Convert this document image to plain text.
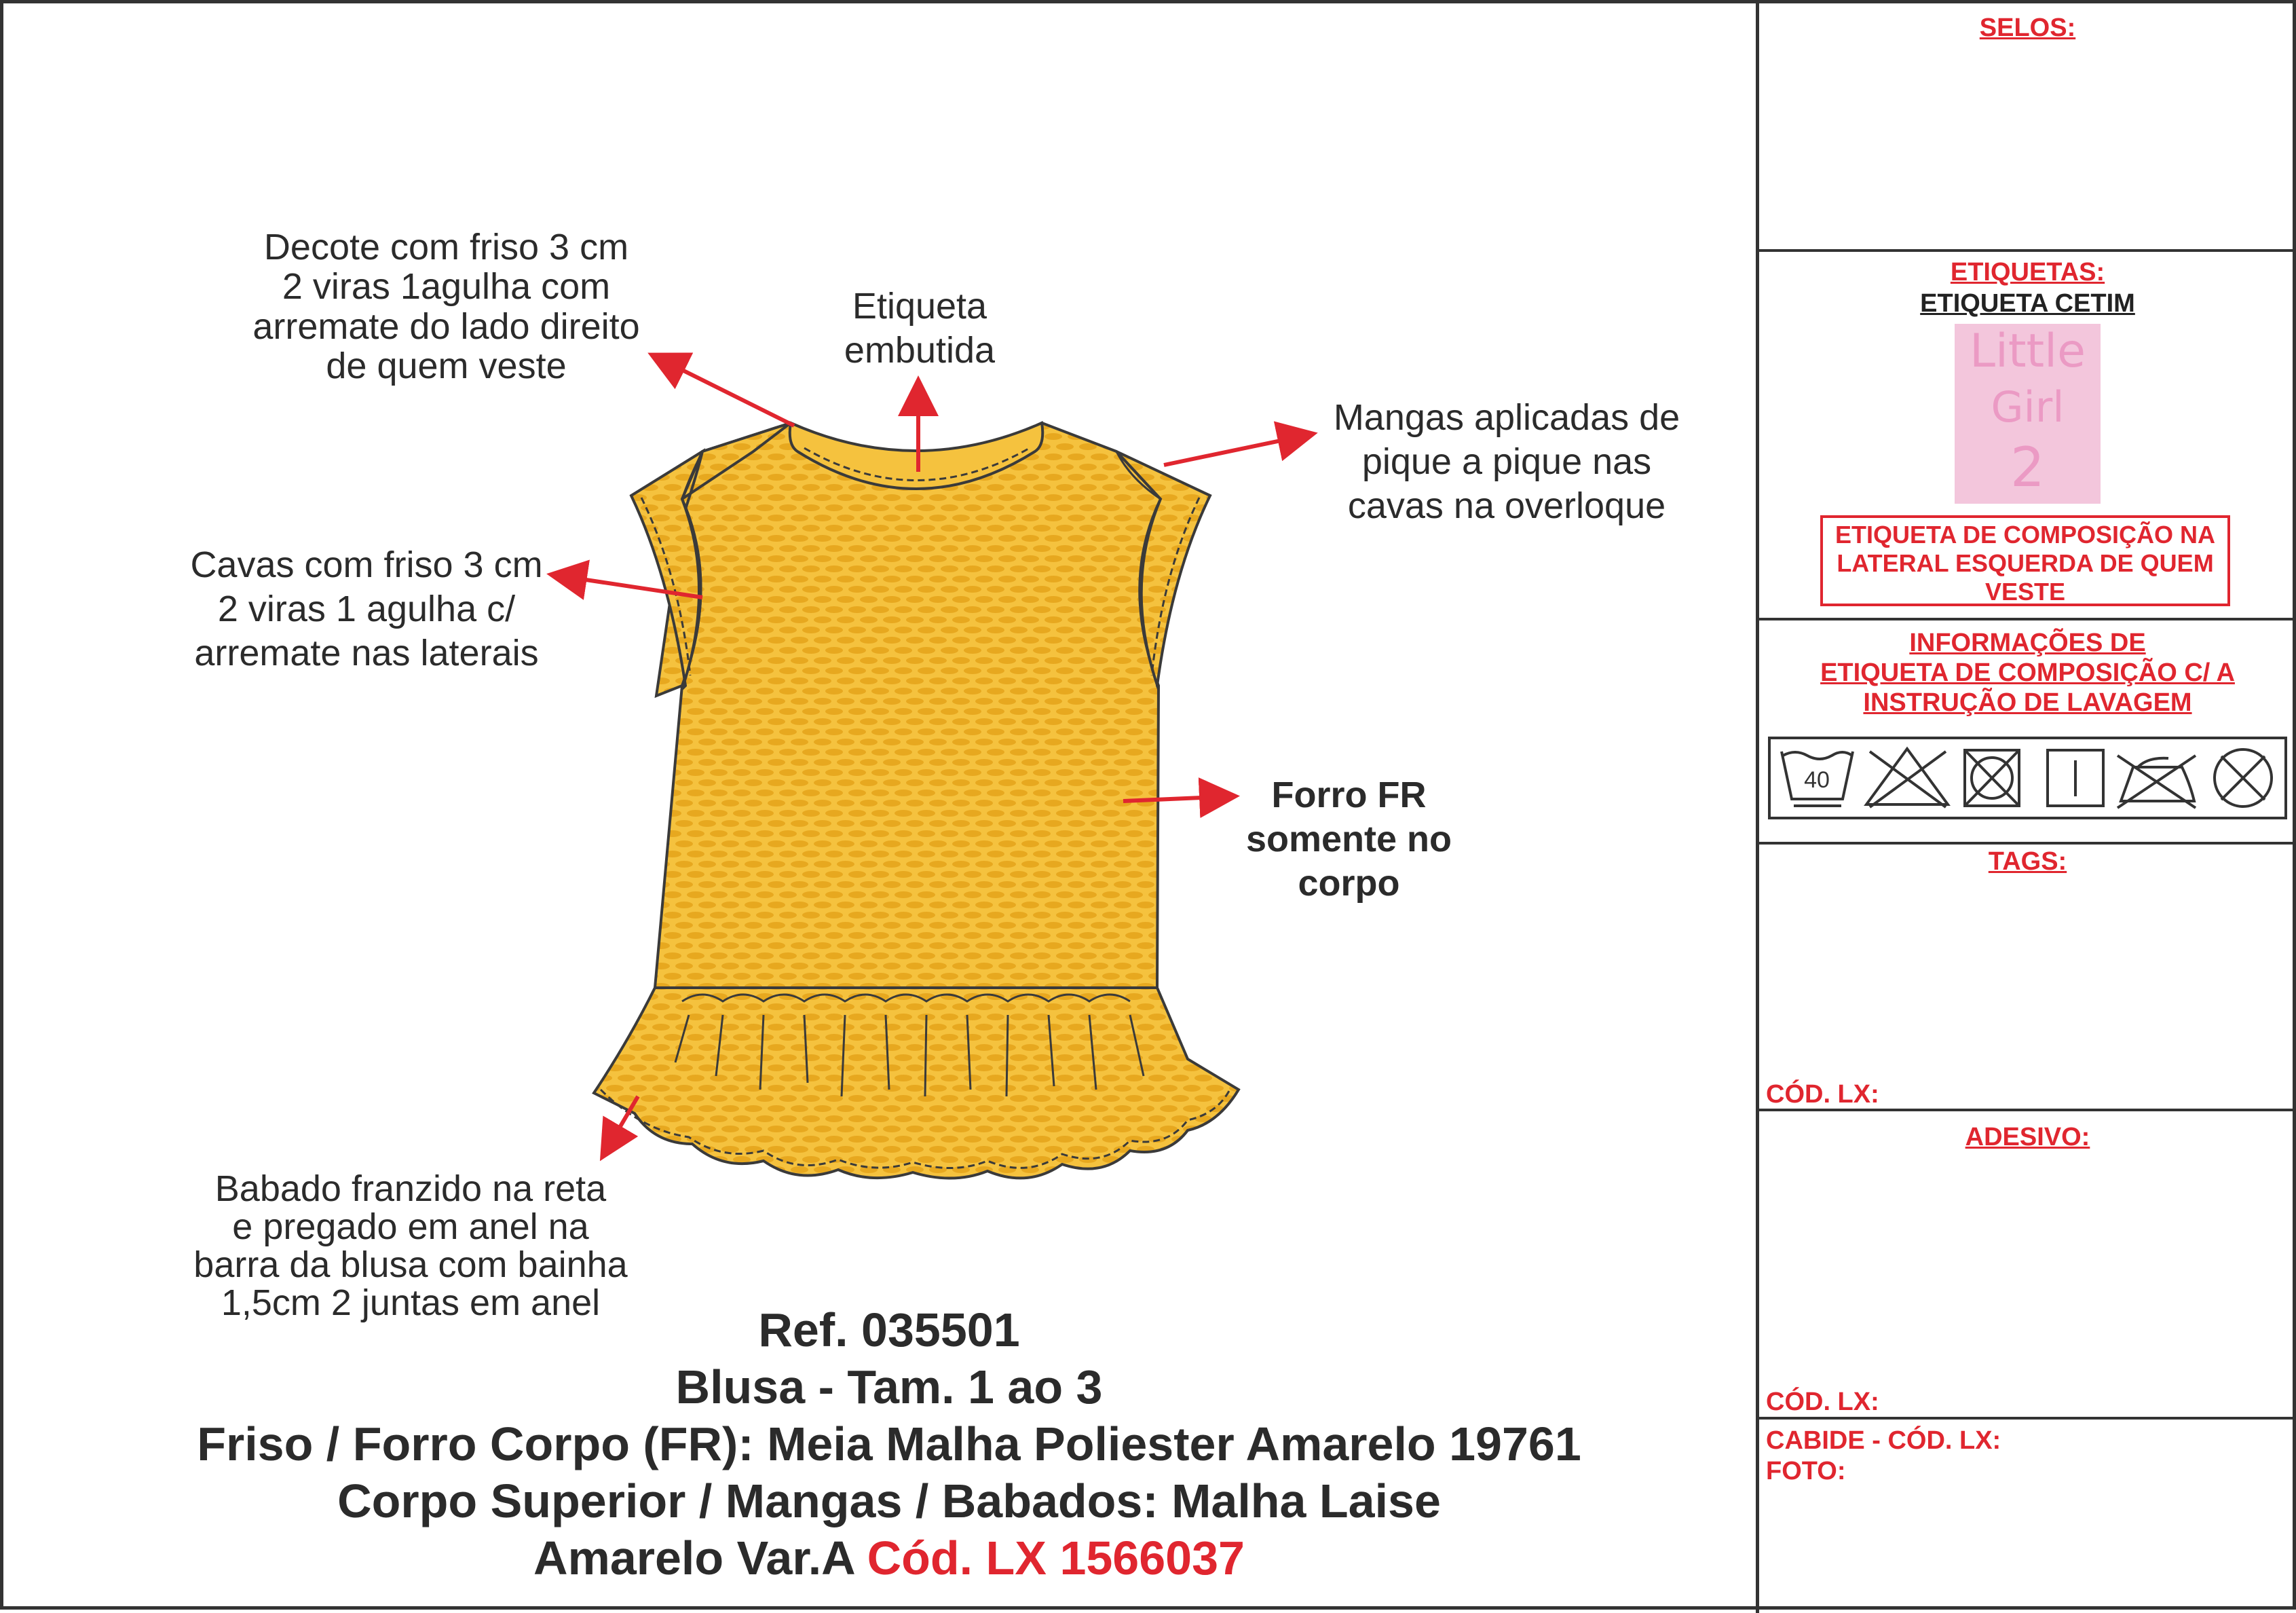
Decote com friso 3 cm
2 viras 1agulha com
arremate do lado direito
de quem veste
Etiqueta
embutida
Mangas aplicadas de
pique a pique nas
cavas na overloque
Cavas com friso 3 cm
2 viras 1 agulha c/
arremate nas laterais
Forro FR
somente no
corpo
Babado franzido na reta
e pregado em anel na
barra da blusa com bainha
1,5cm 2 juntas em anel
Ref. 035501
Blusa - Tam. 1 ao 3
Friso / Forro Corpo (FR): Meia Malha Poliester Amarelo 19761
Corpo Superior / Mangas / Babados: Malha Laise
Amarelo Var.A Cód. LX 1566037
SELOS:
ETIQUETAS:
ETIQUETA CETIM
Little
Girl
2
ETIQUETA DE COMPOSIÇÃO NA LATERAL ESQUERDA DE QUEM VESTE
INFORMAÇÕES DE
ETIQUETA DE COMPOSIÇÃO C/ A
INSTRUÇÃO DE LAVAGEM
40
TAGS:
CÓD. LX:
ADESIVO:
CÓD. LX:
CABIDE - CÓD. LX:
FOTO:
